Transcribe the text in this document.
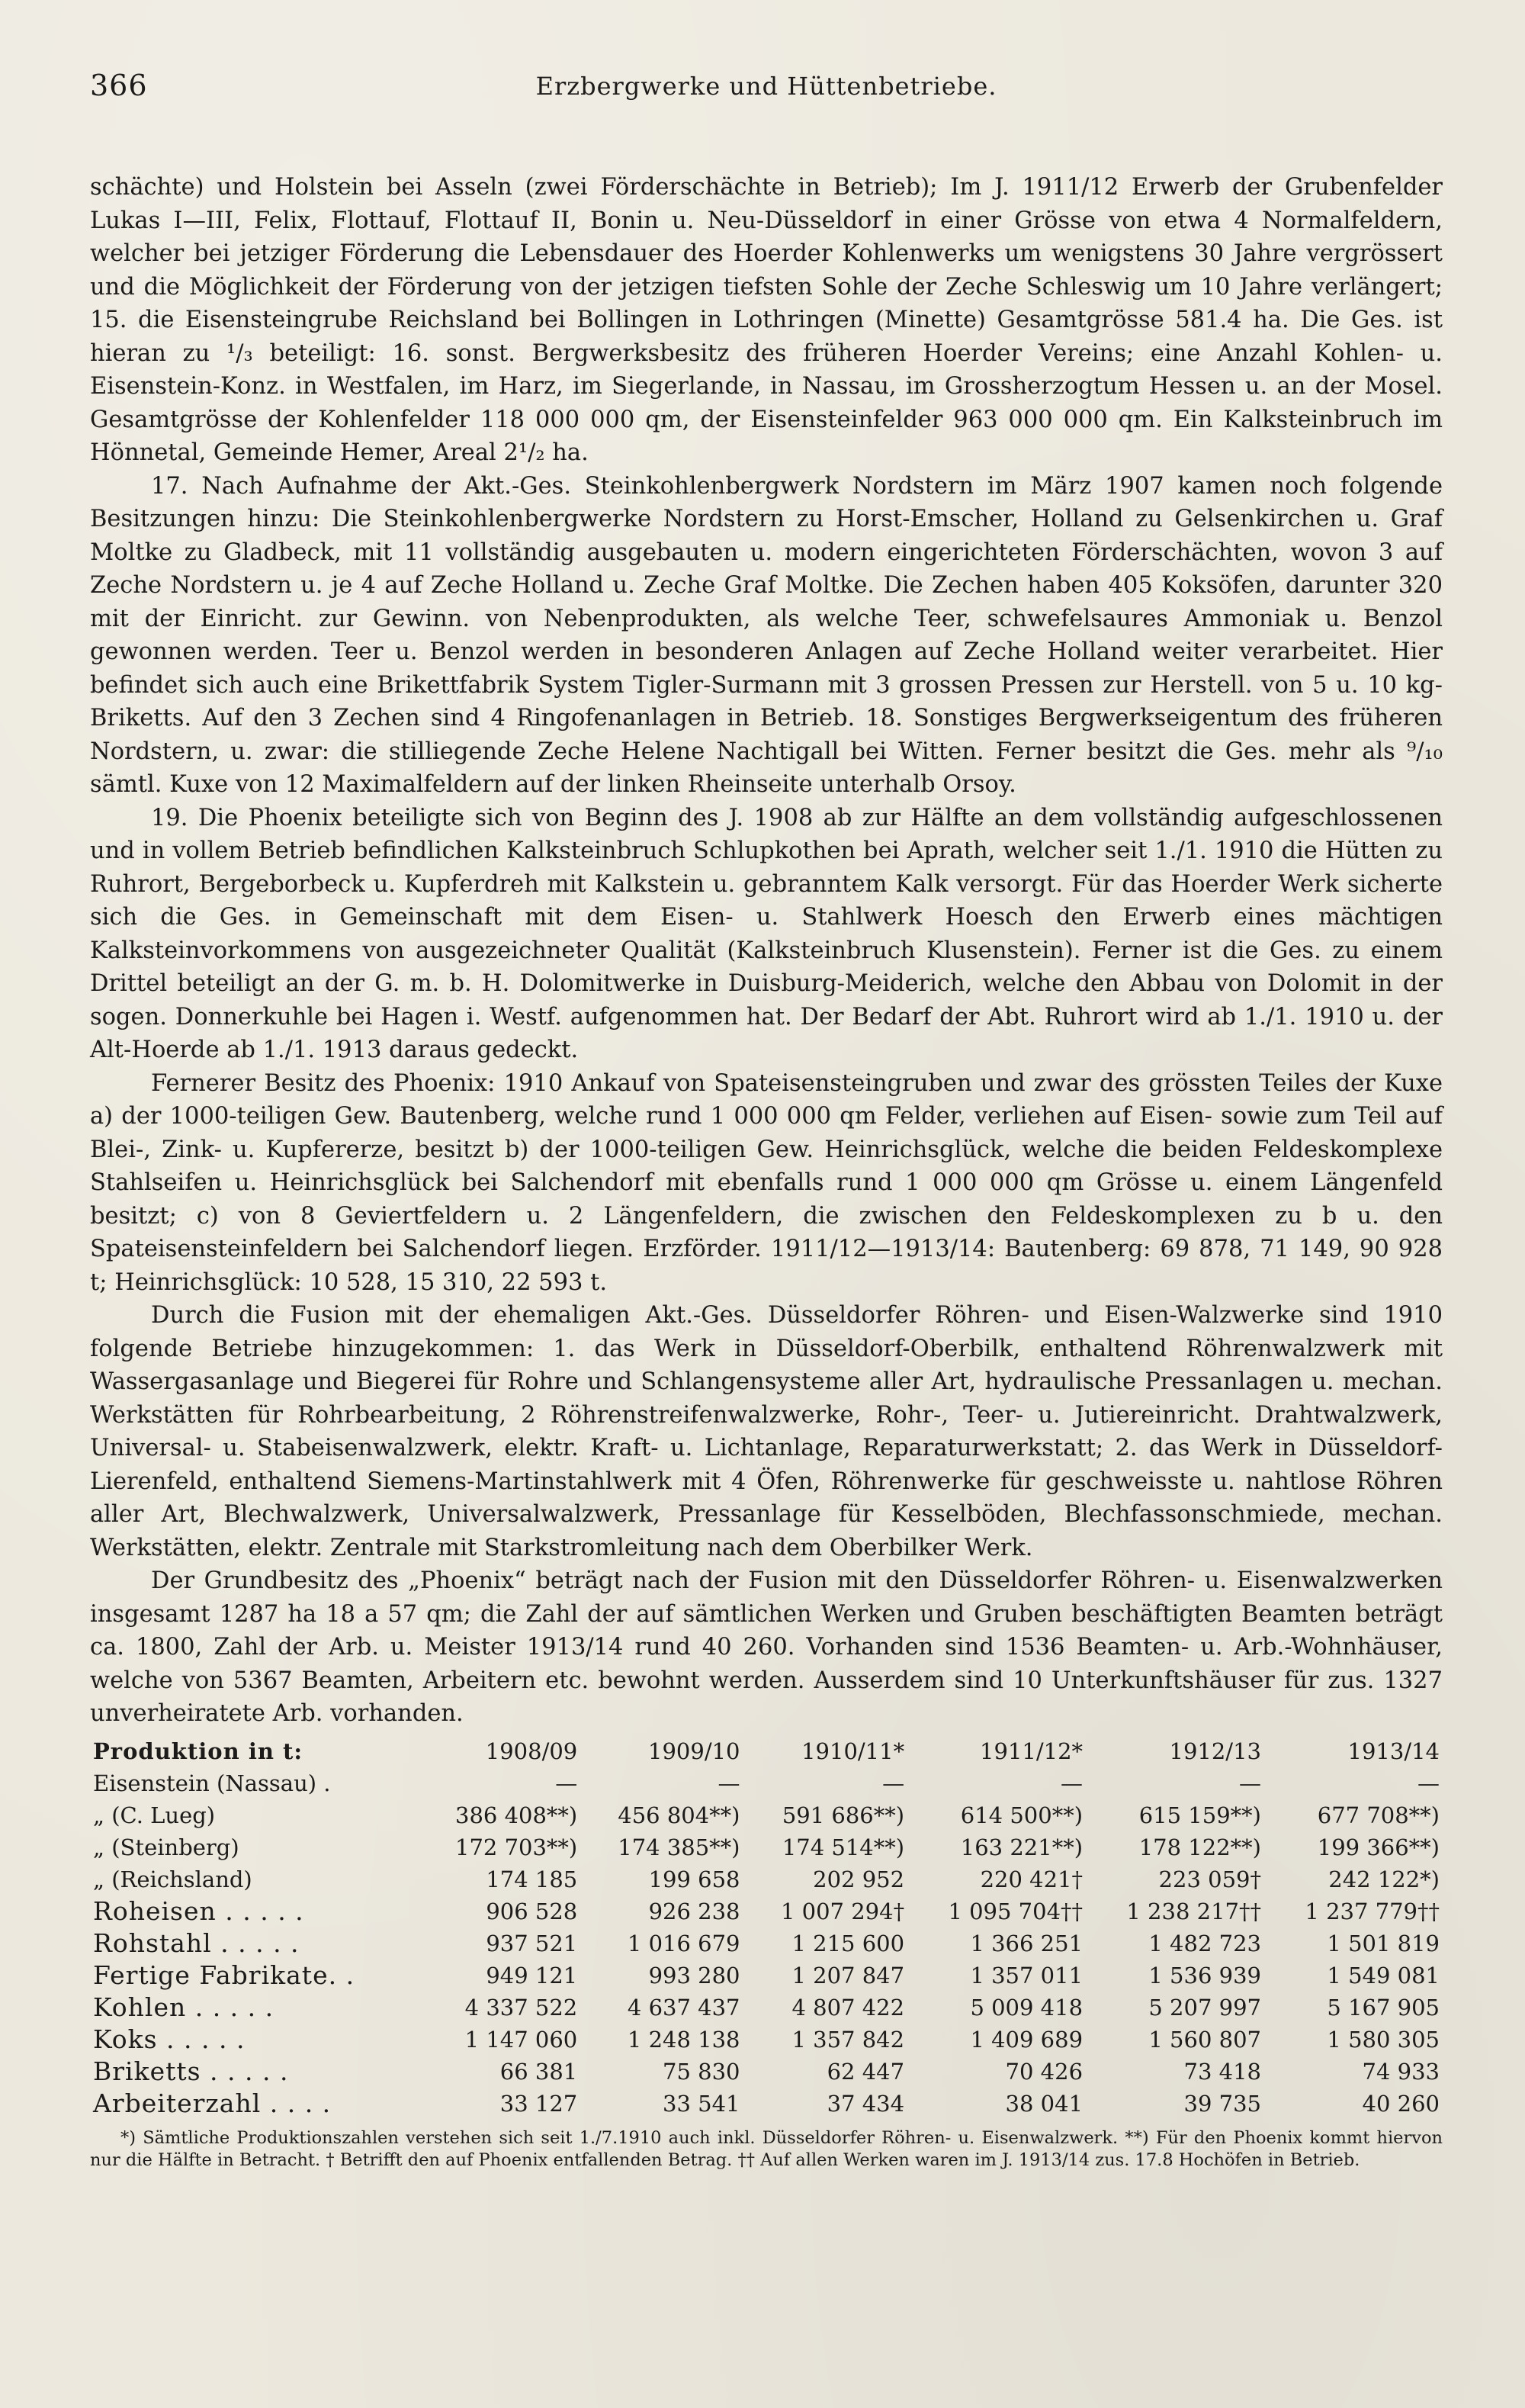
366	Erzbergwerke und Hüttenbetriebe.

schächte) und Holstein bei Asseln (zwei Förderschächte in Betrieb); Im J. 1911/12 Erwerb der Grubenfelder Lukas I—III, Felix, Flottauf, Flottauf II, Bonin u. Neu-Düsseldorf in einer Grösse von etwa 4 Normalfeldern, welcher bei jetziger Förderung die Lebensdauer des Hoerder Kohlenwerks um wenigstens 30 Jahre vergrössert und die Möglichkeit der Förderung von der jetzigen tiefsten Sohle der Zeche Schleswig um 10 Jahre verlängert; 15. die Eisensteingrube Reichsland bei Bollingen in Lothringen (Minette) Gesamtgrösse 581.4 ha. Die Ges. ist hieran zu ¹/₃ beteiligt: 16. sonst. Bergwerksbesitz des früheren Hoerder Vereins; eine Anzahl Kohlen- u. Eisenstein-Konz. in Westfalen, im Harz, im Siegerlande, in Nassau, im Grossherzogtum Hessen u. an der Mosel. Gesamtgrösse der Kohlenfelder 118 000 000 qm, der Eisensteinfelder 963 000 000 qm. Ein Kalksteinbruch im Hönnetal, Gemeinde Hemer, Areal 2¹/₂ ha.

17. Nach Aufnahme der Akt.-Ges. Steinkohlenbergwerk Nordstern im März 1907 kamen noch folgende Besitzungen hinzu: Die Steinkohlenbergwerke Nordstern zu Horst-Emscher, Holland zu Gelsenkirchen u. Graf Moltke zu Gladbeck, mit 11 vollständig ausgebauten u. modern eingerichteten Förderschächten, wovon 3 auf Zeche Nordstern u. je 4 auf Zeche Holland u. Zeche Graf Moltke. Die Zechen haben 405 Koksöfen, darunter 320 mit der Einricht. zur Gewinn. von Nebenprodukten, als welche Teer, schwefelsaures Ammoniak u. Benzol gewonnen werden. Teer u. Benzol werden in besonderen Anlagen auf Zeche Holland weiter verarbeitet. Hier befindet sich auch eine Brikettfabrik System Tigler-Surmann mit 3 grossen Pressen zur Herstell. von 5 u. 10 kg-Briketts. Auf den 3 Zechen sind 4 Ringofenanlagen in Betrieb. 18. Sonstiges Bergwerkseigentum des früheren Nordstern, u. zwar: die stilliegende Zeche Helene Nachtigall bei Witten. Ferner besitzt die Ges. mehr als ⁹/₁₀ sämtl. Kuxe von 12 Maximalfeldern auf der linken Rheinseite unterhalb Orsoy.

19. Die Phoenix beteiligte sich von Beginn des J. 1908 ab zur Hälfte an dem vollständig aufgeschlossenen und in vollem Betrieb befindlichen Kalksteinbruch Schlupkothen bei Aprath, welcher seit 1./1. 1910 die Hütten zu Ruhrort, Bergeborbeck u. Kupferdreh mit Kalkstein u. gebranntem Kalk versorgt. Für das Hoerder Werk sicherte sich die Ges. in Gemeinschaft mit dem Eisen- u. Stahlwerk Hoesch den Erwerb eines mächtigen Kalksteinvorkommens von ausgezeichneter Qualität (Kalksteinbruch Klusenstein). Ferner ist die Ges. zu einem Drittel beteiligt an der G. m. b. H. Dolomitwerke in Duisburg-Meiderich, welche den Abbau von Dolomit in der sogen. Donnerkuhle bei Hagen i. Westf. aufgenommen hat. Der Bedarf der Abt. Ruhrort wird ab 1./1. 1910 u. der Alt-Hoerde ab 1./1. 1913 daraus gedeckt.

Fernerer Besitz des Phoenix: 1910 Ankauf von Spateisensteingruben und zwar des grössten Teiles der Kuxe a) der 1000-teiligen Gew. Bautenberg, welche rund 1 000 000 qm Felder, verliehen auf Eisen- sowie zum Teil auf Blei-, Zink- u. Kupfererze, besitzt b) der 1000-teiligen Gew. Heinrichsglück, welche die beiden Feldeskomplexe Stahlseifen u. Heinrichsglück bei Salchendorf mit ebenfalls rund 1 000 000 qm Grösse u. einem Längenfeld besitzt; c) von 8 Geviertfeldern u. 2 Längenfeldern, die zwischen den Feldeskomplexen zu b u. den Spateisensteinfeldern bei Salchendorf liegen. Erzförder. 1911/12—1913/14: Bautenberg: 69 878, 71 149, 90 928 t; Heinrichsglück: 10 528, 15 310, 22 593 t.

Durch die Fusion mit der ehemaligen Akt.-Ges. Düsseldorfer Röhren- und Eisen-Walzwerke sind 1910 folgende Betriebe hinzugekommen: 1. das Werk in Düsseldorf-Oberbilk, enthaltend Röhrenwalzwerk mit Wassergasanlage und Biegerei für Rohre und Schlangensysteme aller Art, hydraulische Pressanlagen u. mechan. Werkstätten für Rohrbearbeitung, 2 Röhrenstreifenwalzwerke, Rohr-, Teer- u. Jutiereinricht. Drahtwalzwerk, Universal- u. Stabeisenwalzwerk, elektr. Kraft- u. Lichtanlage, Reparaturwerkstatt; 2. das Werk in Düsseldorf-Lierenfeld, enthaltend Siemens-Martinstahlwerk mit 4 Öfen, Röhrenwerke für geschweisste u. nahtlose Röhren aller Art, Blechwalzwerk, Universalwalzwerk, Pressanlage für Kesselböden, Blechfassonschmiede, mechan. Werkstätten, elektr. Zentrale mit Starkstromleitung nach dem Oberbilker Werk.

Der Grundbesitz des „Phoenix“ beträgt nach der Fusion mit den Düsseldorfer Röhren- u. Eisenwalzwerken insgesamt 1287 ha 18 a 57 qm; die Zahl der auf sämtlichen Werken und Gruben beschäftigten Beamten beträgt ca. 1800, Zahl der Arb. u. Meister 1913/14 rund 40 260. Vorhanden sind 1536 Beamten- u. Arb.-Wohnhäuser, welche von 5367 Beamten, Arbeitern etc. bewohnt werden. Ausserdem sind 10 Unterkunftshäuser für zus. 1327 unverheiratete Arb. vorhanden.

Produktion in t:	1908/09	1909/10	1910/11*	1911/12*	1912/13	1913/14
Eisenstein (Nassau) .	—	—	—	—	—	—
„ (C. Lueg)	386 408**)	456 804**)	591 686**)	614 500**)	615 159**)	677 708**)
„ (Steinberg)	172 703**)	174 385**)	174 514**)	163 221**)	178 122**)	199 366**)
„ (Reichsland)	174 185	199 658	202 952	220 421†	223 059†	242 122*)
Roheisen . . . . .	906 528	926 238	1 007 294†	1 095 704††	1 238 217††	1 237 779††
Rohstahl . . . . .	937 521	1 016 679	1 215 600	1 366 251	1 482 723	1 501 819
Fertige Fabrikate. .	949 121	993 280	1 207 847	1 357 011	1 536 939	1 549 081
Kohlen . . . . .	4 337 522	4 637 437	4 807 422	5 009 418	5 207 997	5 167 905
Koks . . . . .	1 147 060	1 248 138	1 357 842	1 409 689	1 560 807	1 580 305
Briketts . . . . .	66 381	75 830	62 447	70 426	73 418	74 933
Arbeiterzahl . . . .	33 127	33 541	37 434	38 041	39 735	40 260

*) Sämtliche Produktionszahlen verstehen sich seit 1./7.1910 auch inkl. Düsseldorfer Röhren- u. Eisenwalzwerk. **) Für den Phoenix kommt hiervon nur die Hälfte in Betracht. † Betrifft den auf Phoenix entfallenden Betrag. †† Auf allen Werken waren im J. 1913/14 zus. 17.8 Hochöfen in Betrieb.
